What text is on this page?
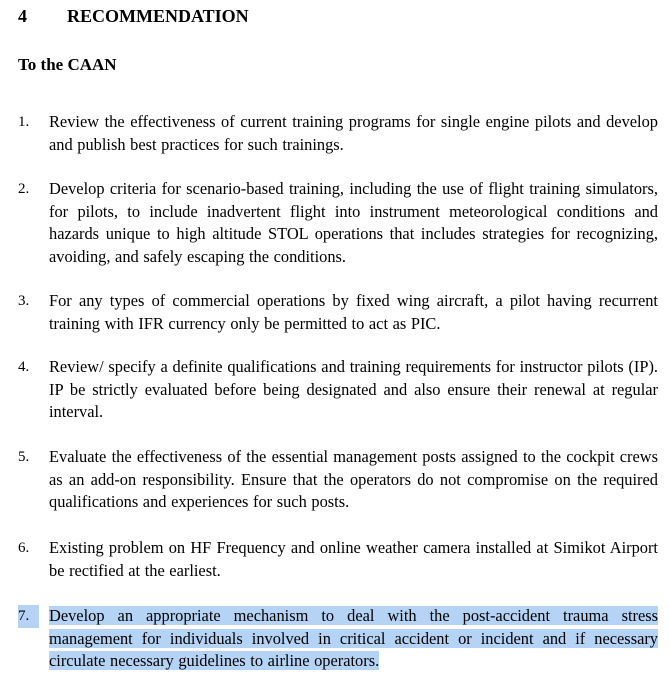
4 RECOMMENDATION
To the CAAN
1. Review the effectiveness of current training programs for single engine pilots and develop and publish best practices for such trainings.
2. Develop criteria for scenario-based training, including the use of flight training simulators, for pilots, to include inadvertent flight into instrument meteorological conditions and hazards unique to high altitude STOL operations that includes strategies for recognizing, avoiding, and safely escaping the conditions.
3. For any types of commercial operations by fixed wing aircraft, a pilot having recurrent training with IFR currency only be permitted to act as PIC.
4. Review/ specify a definite qualifications and training requirements for instructor pilots (IP). IP be strictly evaluated before being designated and also ensure their renewal at regular interval.
5. Evaluate the effectiveness of the essential management posts assigned to the cockpit crews as an add-on responsibility. Ensure that the operators do not compromise on the required qualifications and experiences for such posts.
6. Existing problem on HF Frequency and online weather camera installed at Simikot Airport be rectified at the earliest.
7.	Develop an appropriate mechanism to deal with the post-accident trauma stress management for individuals involved in critical accident or incident and if necessary circulate necessary guidelines to airline operators.
